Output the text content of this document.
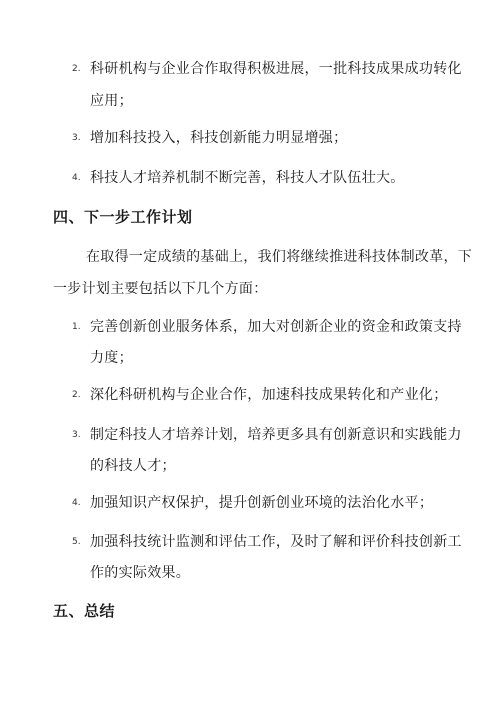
2. 科研机构与企业合作取得积极进展，一批科技成果成功转化
应用；
3. 增加科技投入，科技创新能力明显增强；
4. 科技人才培养机制不断完善，科技人才队伍壮大。
四、下一步工作计划
在取得一定成绩的基础上，我们将继续推进科技体制改革，下
一步计划主要包括以下几个方面：
1. 完善创新创业服务体系，加大对创新企业的资金和政策支持
力度；
2. 深化科研机构与企业合作，加速科技成果转化和产业化；
3. 制定科技人才培养计划，培养更多具有创新意识和实践能力
的科技人才；
4. 加强知识产权保护，提升创新创业环境的法治化水平；
5. 加强科技统计监测和评估工作，及时了解和评价科技创新工
作的实际效果。
五、总结
